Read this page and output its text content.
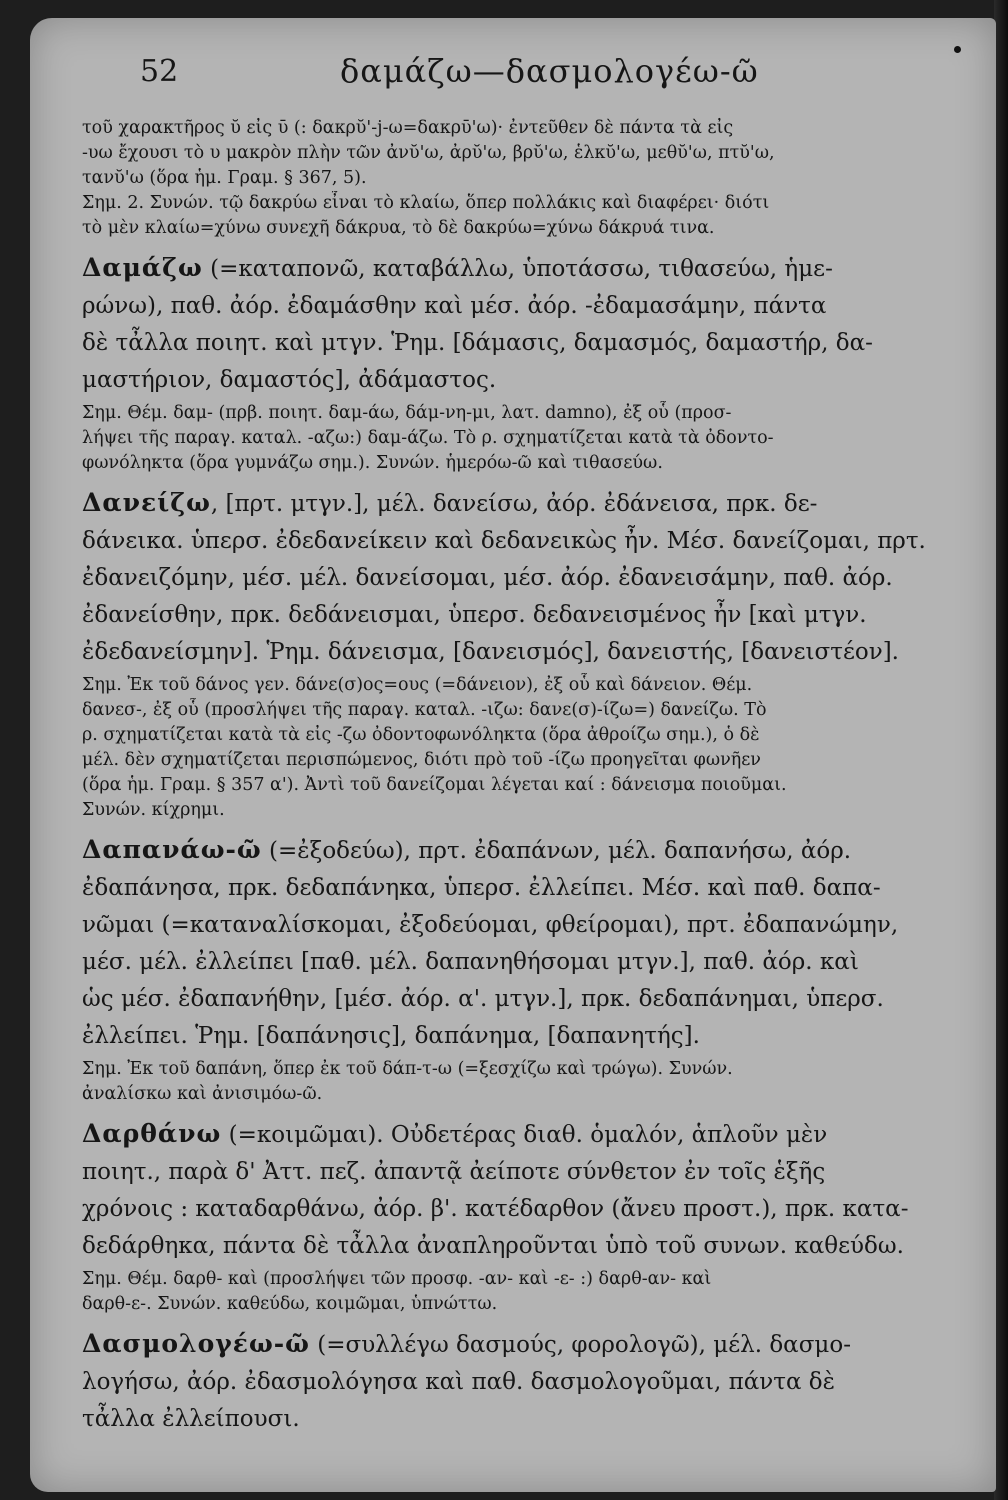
52	δαμάζω—δασμολογέω-ῶ
τοῦ χαρακτῆρος ῠ εἰς ῡ (: δακρῠ'-j-ω=δακρῡ'ω)· ἐντεῦθεν δὲ πάντα τὰ εἰς
-υω ἔχουσι τὸ υ μακρὸν πλὴν τῶν ἀνῠ'ω, ἀρῠ'ω, βρῠ'ω, ἑλκῠ'ω, μεθῠ'ω, πτῠ'ω,
τανῠ'ω (ὅρα ἡμ. Γραμ. § 367, 5).
Σημ. 2. Συνών. τῷ δακρύω εἶναι τὸ κλαίω, ὅπερ πολλάκις καὶ διαφέρει· διότι
τὸ μὲν κλαίω=χύνω συνεχῆ δάκρυα, τὸ δὲ δακρύω=χύνω δάκρυά τινα.
Δαμάζω (=καταπονῶ, καταβάλλω, ὑποτάσσω, τιθασεύω, ἡμε-
ρώνω), παθ. ἀόρ. ἐδαμάσθην καὶ μέσ. ἀόρ. -ἐδαμασάμην, πάντα
δὲ τἆλλα ποιητ. καὶ μτγν. Ῥημ. [δάμασις, δαμασμός, δαμαστήρ, δα-
μαστήριον, δαμαστός], ἀδάμαστος.
Σημ. Θέμ. δαμ- (πρβ. ποιητ. δαμ-άω, δάμ-νη-μι, λατ. damno), ἐξ οὗ (προσ-
λήψει τῆς παραγ. καταλ. -αζω:) δαμ-άζω. Τὸ ρ. σχηματίζεται κατὰ τὰ ὀδοντο-
φωνόληκτα (ὅρα γυμνάζω σημ.). Συνών. ἡμερόω-ῶ καὶ τιθασεύω.
Δανείζω, [πρτ. μτγν.], μέλ. δανείσω, ἀόρ. ἐδάνεισα, πρκ. δε-
δάνεικα. ὑπερσ. ἐδεδανείκειν καὶ δεδανεικὼς ἦν. Μέσ. δανείζομαι, πρτ.
ἐδανειζόμην, μέσ. μέλ. δανείσομαι, μέσ. ἀόρ. ἐδανεισάμην, παθ. ἀόρ.
ἐδανείσθην, πρκ. δεδάνεισμαι, ὑπερσ. δεδανεισμένος ἦν [καὶ μτγν.
ἐδεδανείσμην]. Ῥημ. δάνεισμα, [δανεισμός], δανειστής, [δανειστέον].
Σημ. Ἐκ τοῦ δάνος γεν. δάνε(σ)ος=ους (=δάνειον), ἐξ οὗ καὶ δάνειον. Θέμ.
δανεσ-, ἐξ οὗ (προσλήψει τῆς παραγ. καταλ. -ιζω: δανε(σ)-ίζω=) δανείζω. Τὸ
ρ. σχηματίζεται κατὰ τὰ εἰς -ζω ὀδοντοφωνόληκτα (ὅρα ἀθροίζω σημ.), ὁ δὲ
μέλ. δὲν σχηματίζεται περισπώμενος, διότι πρὸ τοῦ -ίζω προηγεῖται φωνῆεν
(ὅρα ἡμ. Γραμ. § 357 α'). Ἀντὶ τοῦ δανείζομαι λέγεται καί : δάνεισμα ποιοῦμαι.
Συνών. κίχρημι.
Δαπανάω-ῶ (=ἐξοδεύω), πρτ. ἐδαπάνων, μέλ. δαπανήσω, ἀόρ.
ἐδαπάνησα, πρκ. δεδαπάνηκα, ὑπερσ. ἐλλείπει. Μέσ. καὶ παθ. δαπα-
νῶμαι (=καταναλίσκομαι, ἐξοδεύομαι, φθείρομαι), πρτ. ἐδαπανώμην,
μέσ. μέλ. ἐλλείπει [παθ. μέλ. δαπανηθήσομαι μτγν.], παθ. ἀόρ. καὶ
ὡς μέσ. ἐδαπανήθην, [μέσ. ἀόρ. α'. μτγν.], πρκ. δεδαπάνημαι, ὑπερσ.
ἐλλείπει. Ῥημ. [δαπάνησις], δαπάνημα, [δαπανητής].
Σημ. Ἐκ τοῦ δαπάνη, ὅπερ ἐκ τοῦ δάπ-τ-ω (=ξεσχίζω καὶ τρώγω). Συνών.
ἀναλίσκω καὶ ἀνισιμόω-ῶ.
Δαρθάνω (=κοιμῶμαι). Οὐδετέρας διαθ. ὁμαλόν, ἁπλοῦν μὲν
ποιητ., παρὰ δ' Ἀττ. πεζ. ἀπαντᾷ ἀείποτε σύνθετον ἐν τοῖς ἑξῆς
χρόνοις : καταδαρθάνω, ἀόρ. β'. κατέδαρθον (ἄνευ προστ.), πρκ. κατα-
δεδάρθηκα, πάντα δὲ τἆλλα ἀναπληροῦνται ὑπὸ τοῦ συνων. καθεύδω.
Σημ. Θέμ. δαρθ- καὶ (προσλήψει τῶν προσφ. -αν- καὶ -ε- :) δαρθ-αν- καὶ
δαρθ-ε-. Συνών. καθεύδω, κοιμῶμαι, ὑπνώττω.
Δασμολογέω-ῶ (=συλλέγω δασμούς, φορολογῶ), μέλ. δασμο-
λογήσω, ἀόρ. ἐδασμολόγησα καὶ παθ. δασμολογοῦμαι, πάντα δὲ
τἆλλα ἐλλείπουσι.
